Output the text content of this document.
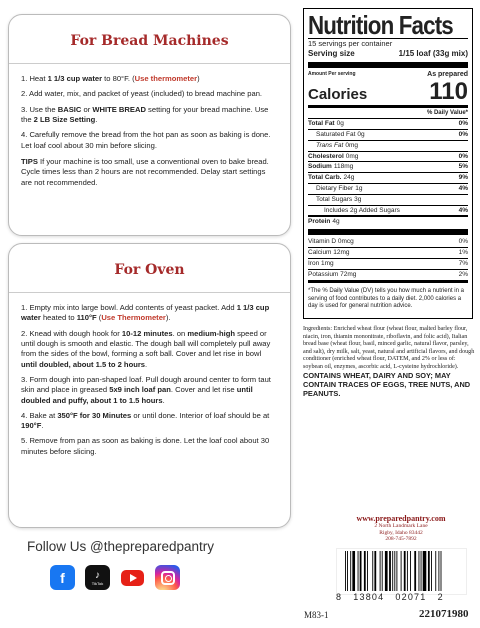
For Bread Machines

1. Heat 1 1/3 cup water to 80°F. (Use thermometer)

2. Add water, mix, and packet of yeast (included) to bread machine pan.

3. Use the BASIC or WHITE BREAD setting for your bread machine. Use the 2 LB Size Setting.

4. Carefully remove the bread from the hot pan as soon as baking is done. Let loaf cool about 30 min before slicing.

TIPS If your machine is too small, use a conventional oven to bake bread. Cycle times less than 2 hours are not recommended. Delay start settings are not recommended.

For Oven

1. Empty mix into large bowl. Add contents of yeast packet. Add 1 1/3 cup water heated to 110°F (Use Thermometer).

2. Knead with dough hook for 10-12 minutes. on medium-high speed or until dough is smooth and elastic. The dough ball will completely pull away from the sides of the bowl, forming a soft ball. Cover and let rise in bowl until doubled, about 1.5 to 2 hours.

3. Form dough into pan-shaped loaf. Pull dough around center to form taut skin and place in greased 5x9 inch loaf pan. Cover and let rise until doubled and puffy, about 1 to 1.5 hours.

4. Bake at 350°F for 30 Minutes or until done. Interior of loaf should be at 190°F.

5. Remove from pan as soon as baking is done. Let the loaf cool about 30 minutes before slicing.

Nutrition Facts
15 servings per container
Serving size	1/15 loaf (33g mix)
Amount Per serving	As prepared
Calories	110
% Daily Value*
Total Fat 0g	0%
Saturated Fat 0g	0%
Trans Fat 0mg
Cholesterol 0mg	0%
Sodium 118mg	5%
Total Carb. 24g	9%
Dietary Fiber 1g	4%
Total Sugars 3g
Includes 2g Added Sugars	4%
Protein 4g
Vitamin D 0mcg	0%
Calcium 12mg	1%
Iron 1mg	7%
Potassium 72mg	2%
*The % Daily Value (DV) tells you how much a nutrient in a serving of food contributes to a daily diet. 2,000 calories a day is used for general nutrition advice.
Ingredients: Enriched wheat flour (wheat flour, malted barley flour, niacin, iron, thiamin mononitrate, riboflavin, and folic acid), Italian bread base (wheat flour, basil, minced garlic, natural flavor, parsley, and salt), dry milk, salt, yeast, natural and artificial flavors, and dough conditioner (enriched wheat flour, DATEM, and 2% or less of: soybean oil, enzymes, ascorbic acid, L-cysteine hydrochloride).
CONTAINS WHEAT, DAIRY AND SOY; MAY CONTAIN TRACES OF EGGS, TREE NUTS, AND PEANUTS.
www.preparedpantry.com
2 North Landmark Lane
Rigby, Idaho 83442
208-745-7892
8   13804   02071   2
M83-1	221071980
Follow Us @thepreparedpantry
f	♪
TikTok
